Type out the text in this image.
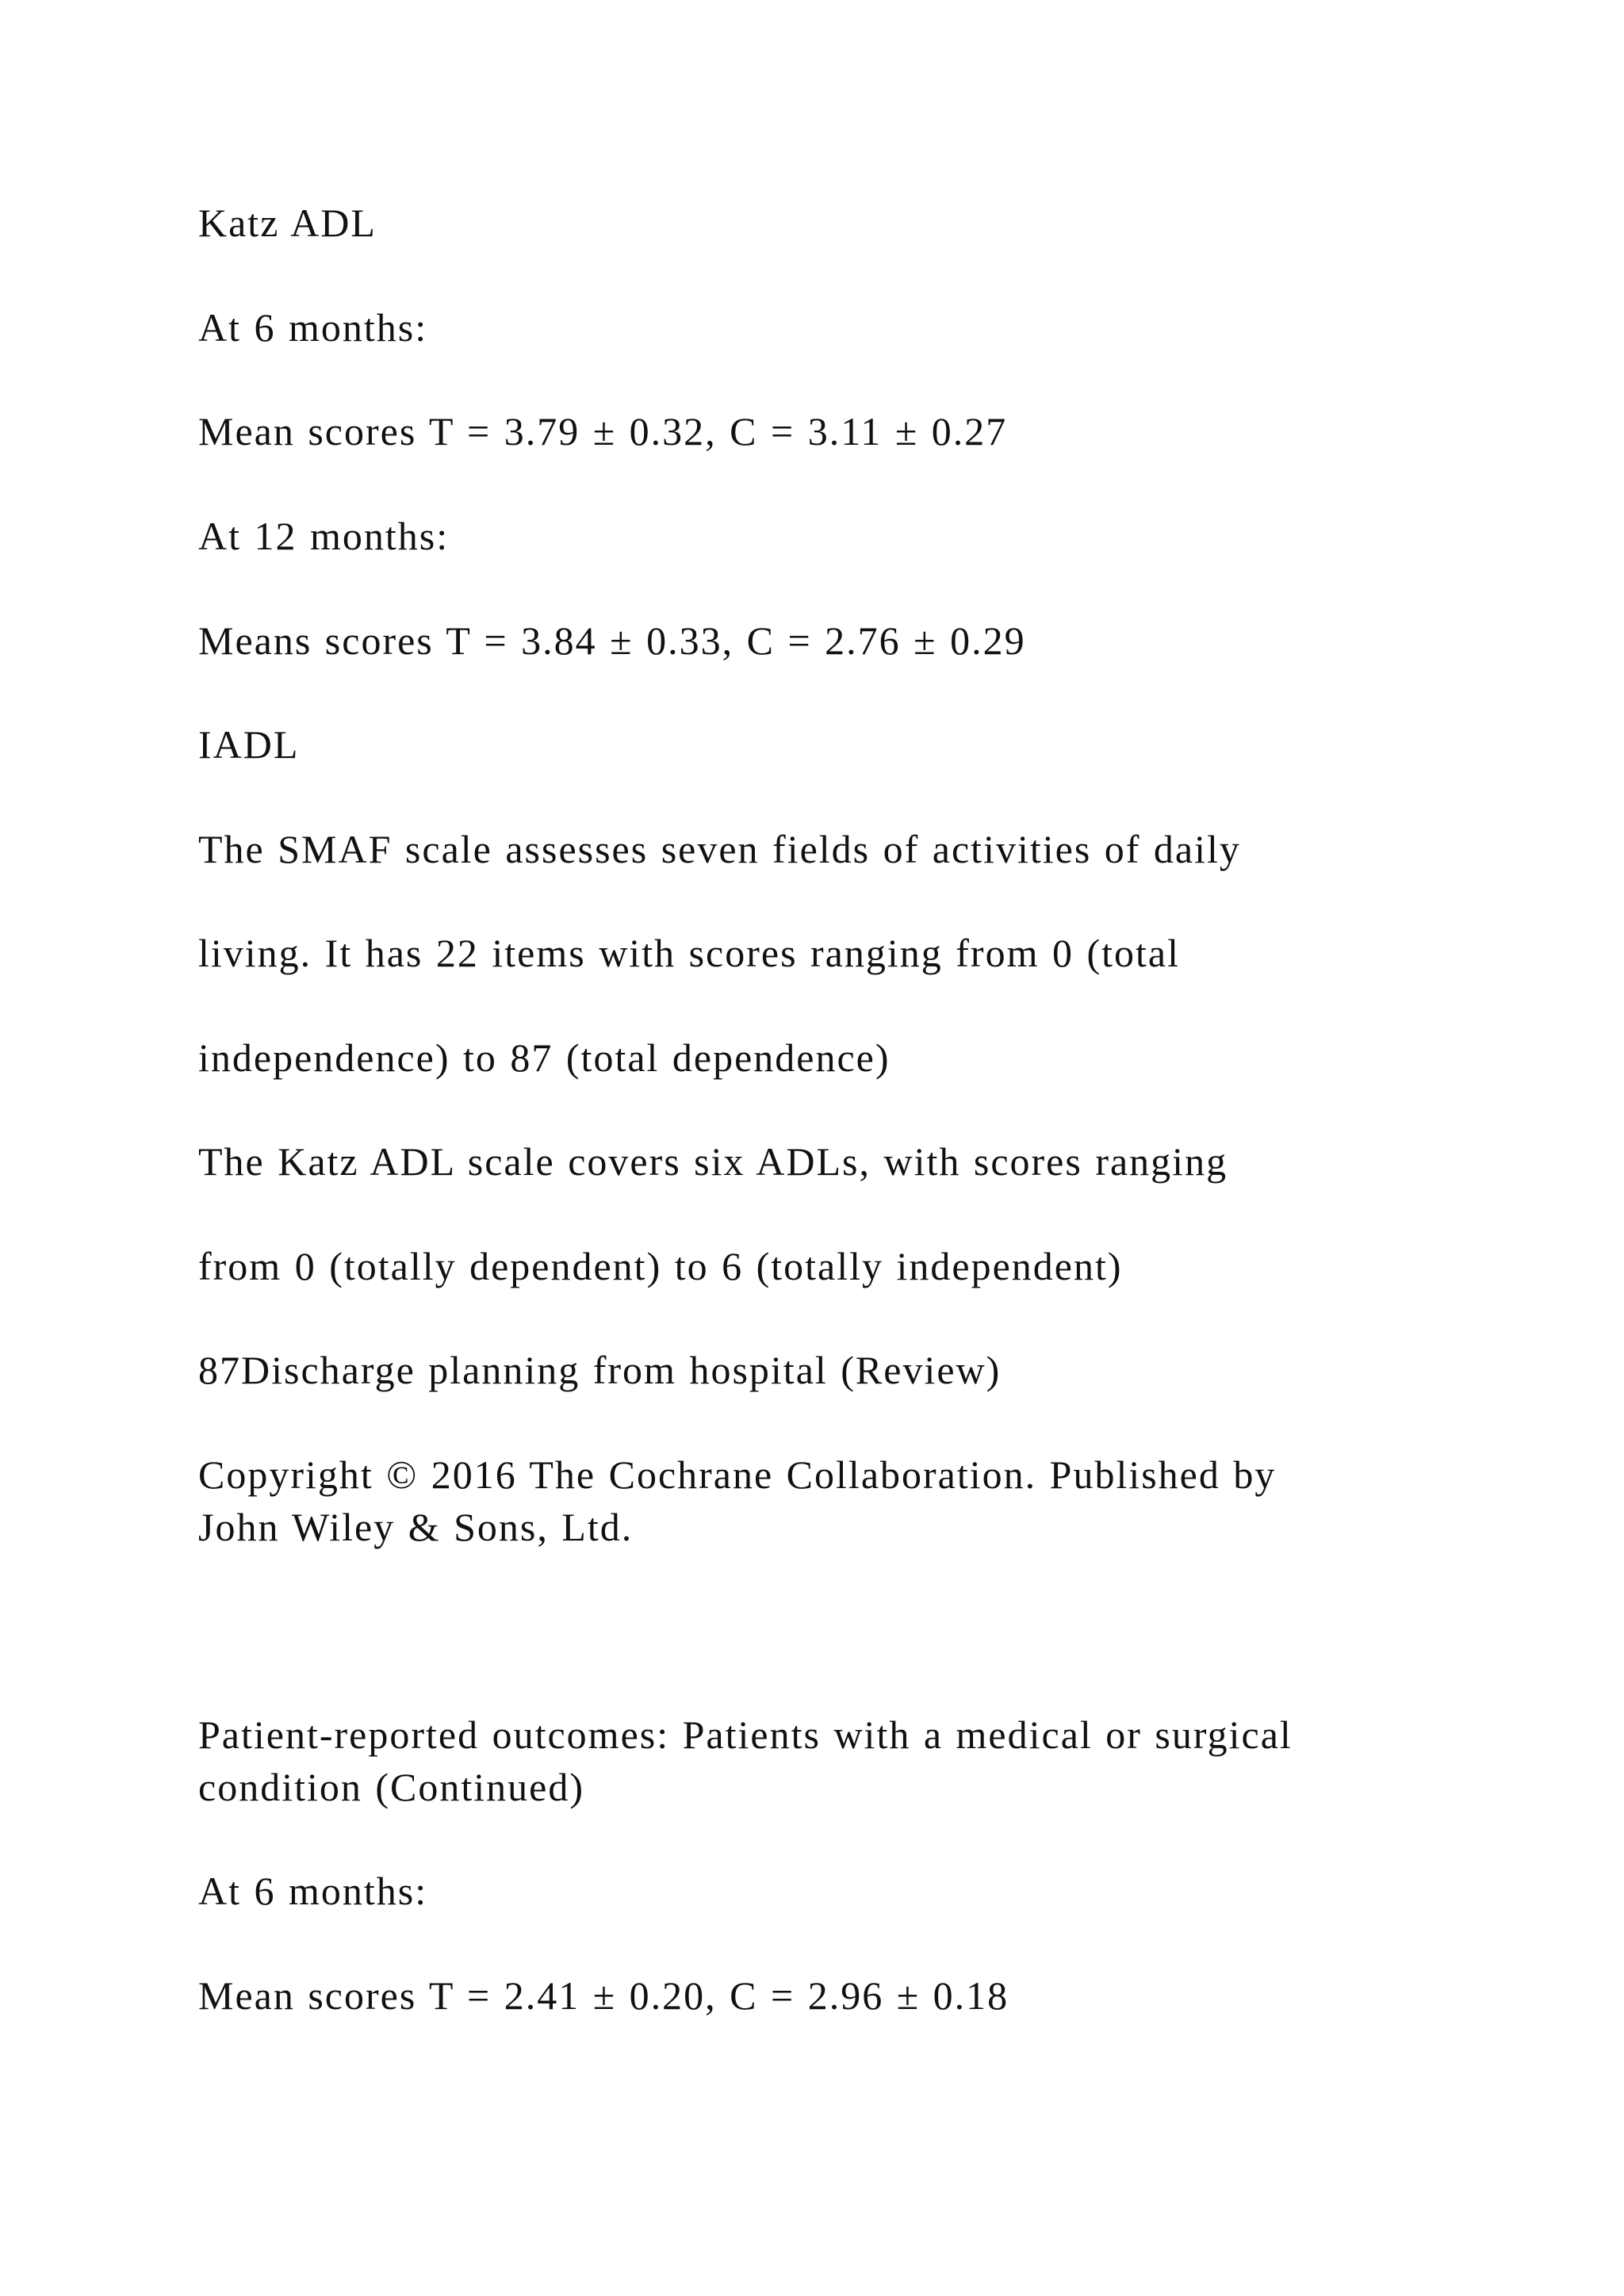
Katz ADL

At 6 months:

Mean scores T = 3.79 ± 0.32, C = 3.11 ± 0.27

At 12 months:

Means scores T = 3.84 ± 0.33, C = 2.76 ± 0.29

IADL

The SMAF scale assesses seven fields of activities of daily

living. It has 22 items with scores ranging from 0 (total

independence) to 87 (total dependence)

The Katz ADL scale covers six ADLs, with scores ranging

from 0 (totally dependent) to 6 (totally independent)

87Discharge planning from hospital (Review)

Copyright © 2016 The Cochrane Collaboration. Published by

John Wiley & Sons, Ltd.

Patient-reported outcomes: Patients with a medical or surgical

condition (Continued)

At 6 months:

Mean scores T = 2.41 ± 0.20, C = 2.96 ± 0.18
